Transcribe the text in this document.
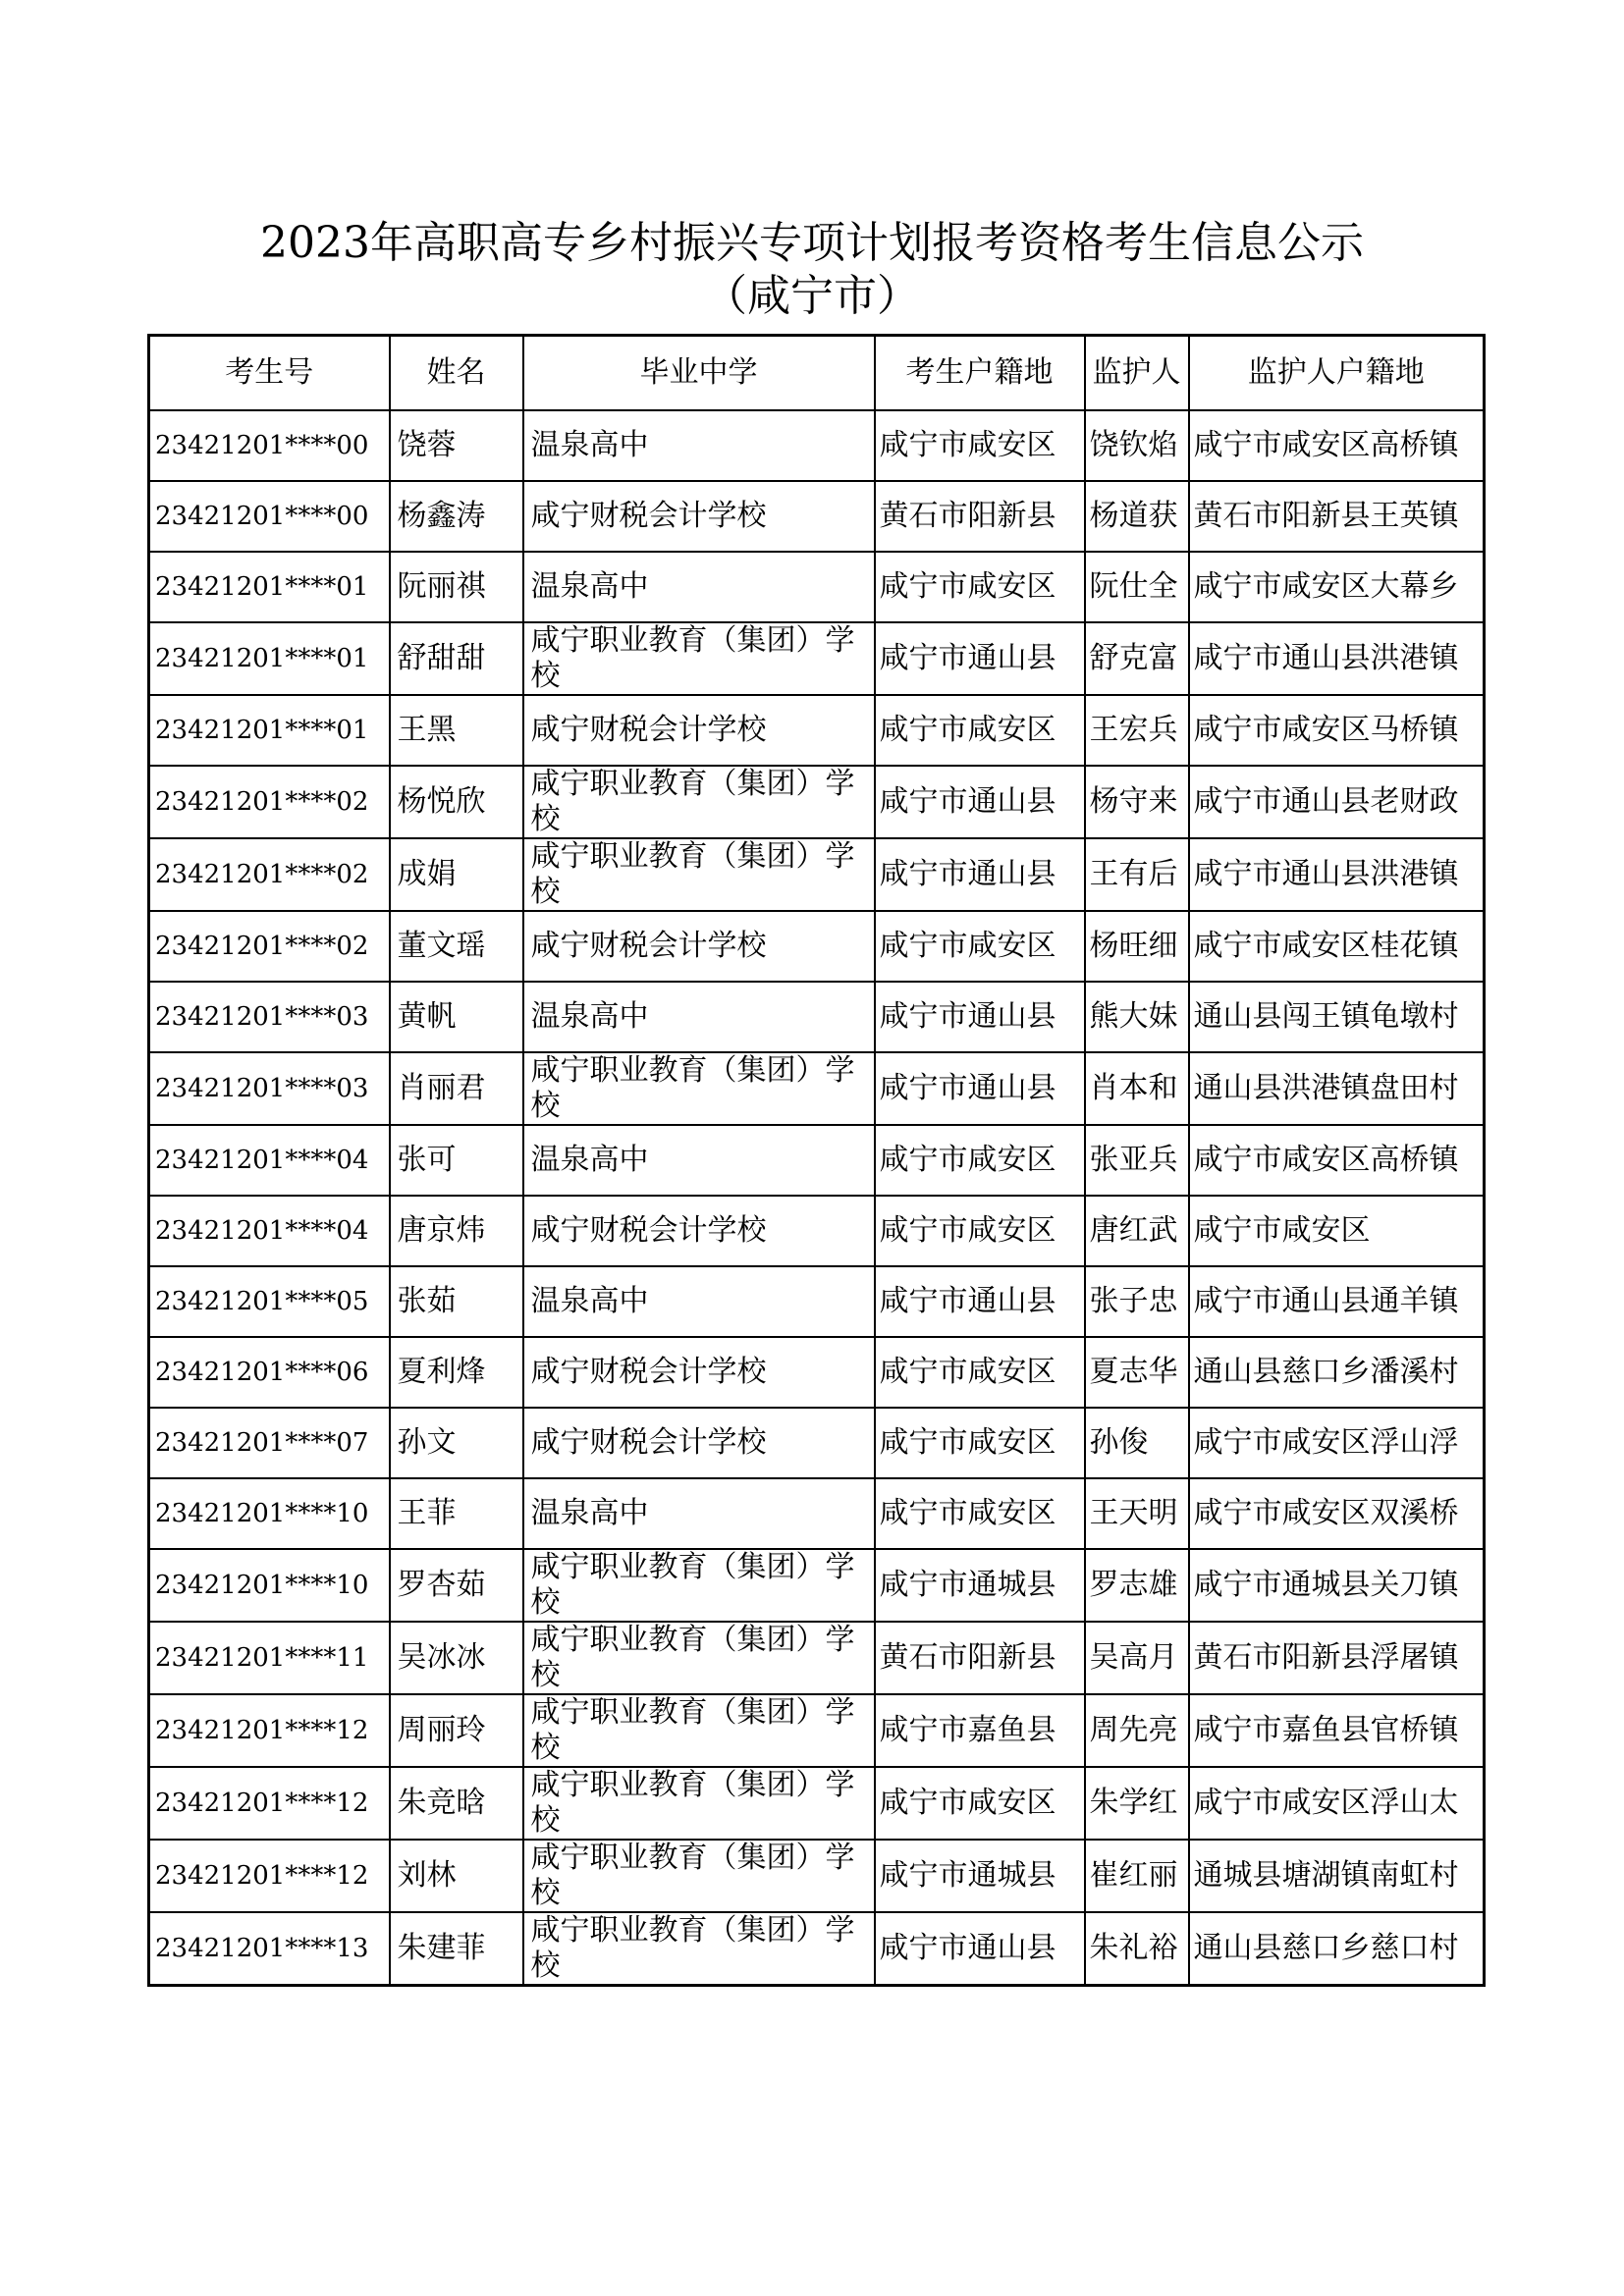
2023年高职高专乡村振兴专项计划报考资格考生信息公示
（咸宁市）
考生号	姓名	毕业中学	考生户籍地	监护人	监护人户籍地
23421201****00	饶蓉	温泉高中	咸宁市咸安区	饶钦焰	咸宁市咸安区高桥镇
23421201****00	杨鑫涛	咸宁财税会计学校	黄石市阳新县	杨道获	黄石市阳新县王英镇
23421201****01	阮丽祺	温泉高中	咸宁市咸安区	阮仕全	咸宁市咸安区大幕乡
23421201****01	舒甜甜	咸宁职业教育（集团）学校	咸宁市通山县	舒克富	咸宁市通山县洪港镇
23421201****01	王黑	咸宁财税会计学校	咸宁市咸安区	王宏兵	咸宁市咸安区马桥镇
23421201****02	杨悦欣	咸宁职业教育（集团）学校	咸宁市通山县	杨守来	咸宁市通山县老财政
23421201****02	成娟	咸宁职业教育（集团）学校	咸宁市通山县	王有后	咸宁市通山县洪港镇
23421201****02	董文瑶	咸宁财税会计学校	咸宁市咸安区	杨旺细	咸宁市咸安区桂花镇
23421201****03	黄帆	温泉高中	咸宁市通山县	熊大妹	通山县闯王镇龟墩村
23421201****03	肖丽君	咸宁职业教育（集团）学校	咸宁市通山县	肖本和	通山县洪港镇盘田村
23421201****04	张可	温泉高中	咸宁市咸安区	张亚兵	咸宁市咸安区高桥镇
23421201****04	唐京炜	咸宁财税会计学校	咸宁市咸安区	唐红武	咸宁市咸安区
23421201****05	张茹	温泉高中	咸宁市通山县	张子忠	咸宁市通山县通羊镇
23421201****06	夏利烽	咸宁财税会计学校	咸宁市咸安区	夏志华	通山县慈口乡潘溪村
23421201****07	孙文	咸宁财税会计学校	咸宁市咸安区	孙俊	咸宁市咸安区浮山浮
23421201****10	王菲	温泉高中	咸宁市咸安区	王天明	咸宁市咸安区双溪桥
23421201****10	罗杏茹	咸宁职业教育（集团）学校	咸宁市通城县	罗志雄	咸宁市通城县关刀镇
23421201****11	吴冰冰	咸宁职业教育（集团）学校	黄石市阳新县	吴高月	黄石市阳新县浮屠镇
23421201****12	周丽玲	咸宁职业教育（集团）学校	咸宁市嘉鱼县	周先亮	咸宁市嘉鱼县官桥镇
23421201****12	朱竞晗	咸宁职业教育（集团）学校	咸宁市咸安区	朱学红	咸宁市咸安区浮山太
23421201****12	刘林	咸宁职业教育（集团）学校	咸宁市通城县	崔红丽	通城县塘湖镇南虹村
23421201****13	朱建菲	咸宁职业教育（集团）学校	咸宁市通山县	朱礼裕	通山县慈口乡慈口村
